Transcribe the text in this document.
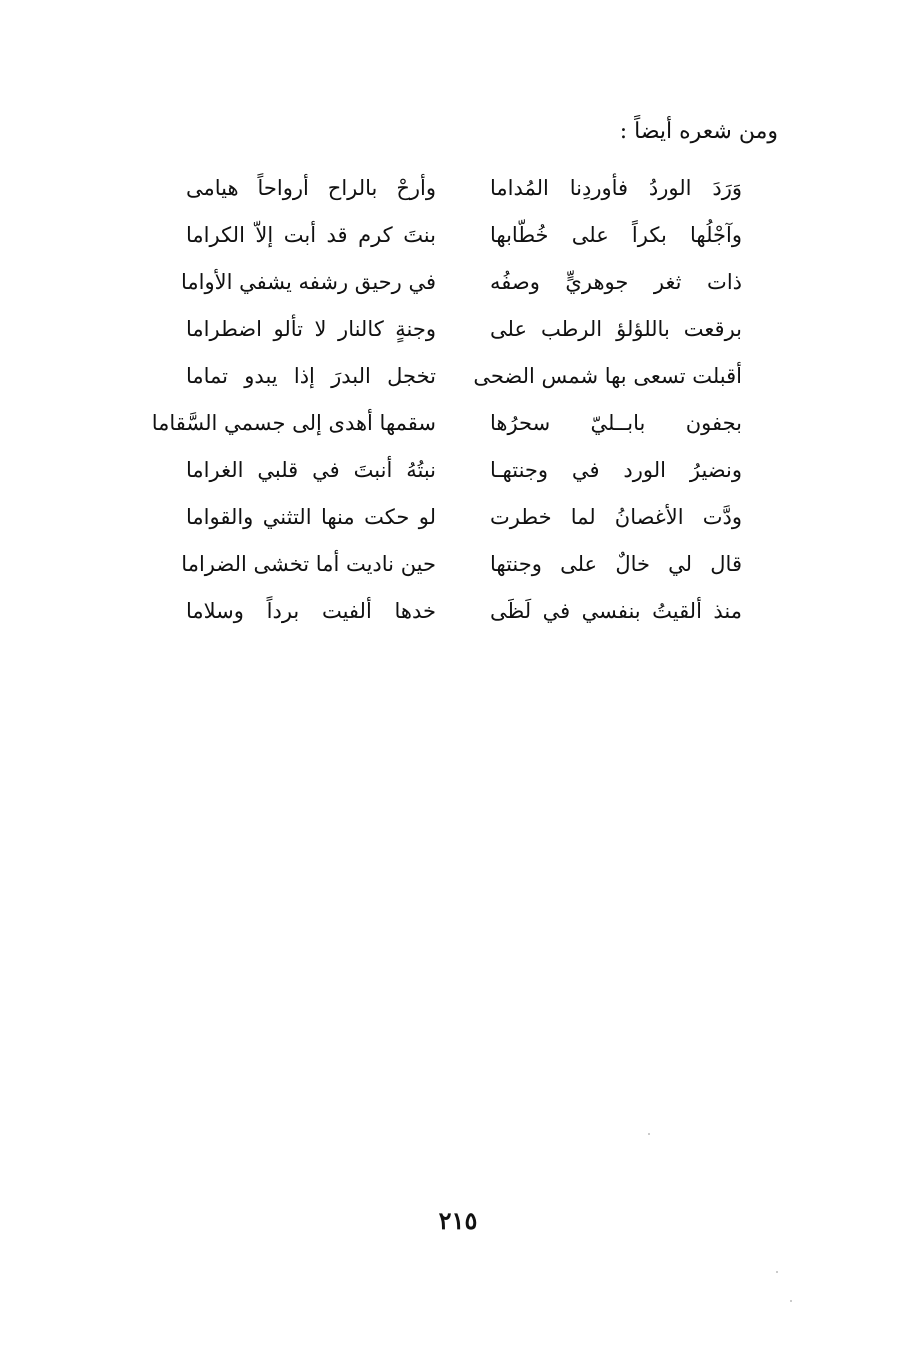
ومن شعره أيضاً :
وَرَدَ الوردُ فأوردِنا المُداما
وأرحْ بالراح أرواحاً هيامى
وآجْلُها بكراً على خُطّابها
بنتَ كرم قد أبت إلاّ الكراما
ذات ثغر جوهريٍّ وصفُه
في رحيق رشفه يشفي الأواما
برقعت باللؤلؤ الرطب على
وجنةٍ كالنار لا تألو اضطراما
أقبلت تسعى بها شمس الضحى
تخجل البدرَ إذا يبدو تماما
بجفون بابــليّ سحرُها
سقمها أهدى إلى جسمي السَّقاما
ونضيرُ الورد في وجنتهـا
نبتُهُ أنبتَ في قلبي الغراما
ودَّت الأغصانُ لما خطرت
لو حكت منها التثني والقواما
قال لي خالٌ على وجنتها
حين ناديت أما تخشى الضراما
منذ ألقيتُ بنفسي في لَظَى
خدها ألفيت برداً وسلاما
٢١٥
